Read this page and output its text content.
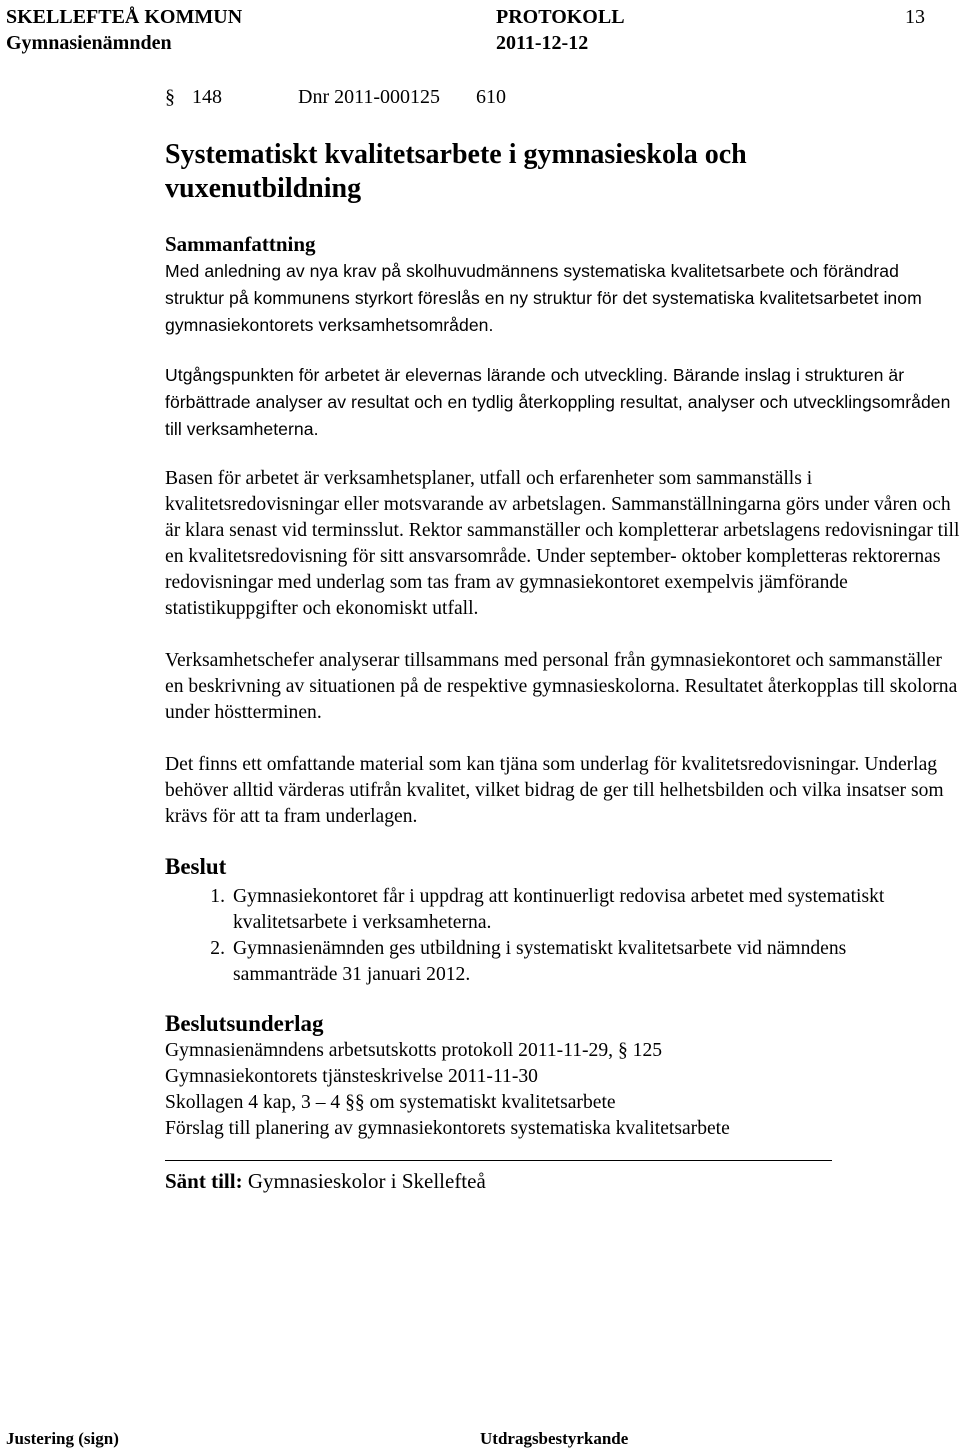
SKELLEFTEÅ KOMMUN	PROTOKOLL	13
Gymnasienämnden	2011-12-12
§ 148	Dnr 2011-000125 610
Systematiskt kvalitetsarbete i gymnasieskola och vuxenutbildning
Sammanfattning

Med anledning av nya krav på skolhuvudmännens systematiska kvalitetsarbete och förändrad struktur på kommunens styrkort föreslås en ny struktur för det systematiska kvalitetsarbetet inom gymnasiekontorets verksamhetsområden.

Utgångspunkten för arbetet är elevernas lärande och utveckling. Bärande inslag i strukturen är förbättrade analyser av resultat och en tydlig återkoppling resultat, analyser och utvecklingsområden till verksamheterna.

Basen för arbetet är verksamhetsplaner, utfall och erfarenheter som sammanställs i kvalitetsredovisningar eller motsvarande av arbetslagen. Sammanställningarna görs under våren och är klara senast vid terminsslut. Rektor sammanställer och kompletterar arbetslagens redovisningar till en kvalitetsredovisning för sitt ansvarsområde. Under september- oktober kompletteras rektorernas redovisningar med underlag som tas fram av gymnasiekontoret exempelvis jämförande statistikuppgifter och ekonomiskt utfall.

Verksamhetschefer analyserar tillsammans med personal från gymnasiekontoret och sammanställer en beskrivning av situationen på de respektive gymnasieskolorna. Resultatet återkopplas till skolorna under höstterminen.

Det finns ett omfattande material som kan tjäna som underlag för kvalitetsredovisningar. Underlag behöver alltid värderas utifrån kvalitet, vilket bidrag de ger till helhetsbilden och vilka insatser som krävs för att ta fram underlagen.

Beslut
1. Gymnasiekontoret får i uppdrag att kontinuerligt redovisa arbetet med systematiskt kvalitetsarbete i verksamheterna.
2. Gymnasienämnden ges utbildning i systematiskt kvalitetsarbete vid nämndens sammanträde 31 januari 2012.
Beslutsunderlag
Gymnasienämndens arbetsutskotts protokoll 2011-11-29, § 125
Gymnasiekontorets tjänsteskrivelse 2011-11-30
Skollagen 4 kap, 3 – 4 §§ om systematiskt kvalitetsarbete
Förslag till planering av gymnasiekontorets systematiska kvalitetsarbete
Sänt till: Gymnasieskolor i Skellefteå
Justering (sign)	Utdragsbestyrkande
